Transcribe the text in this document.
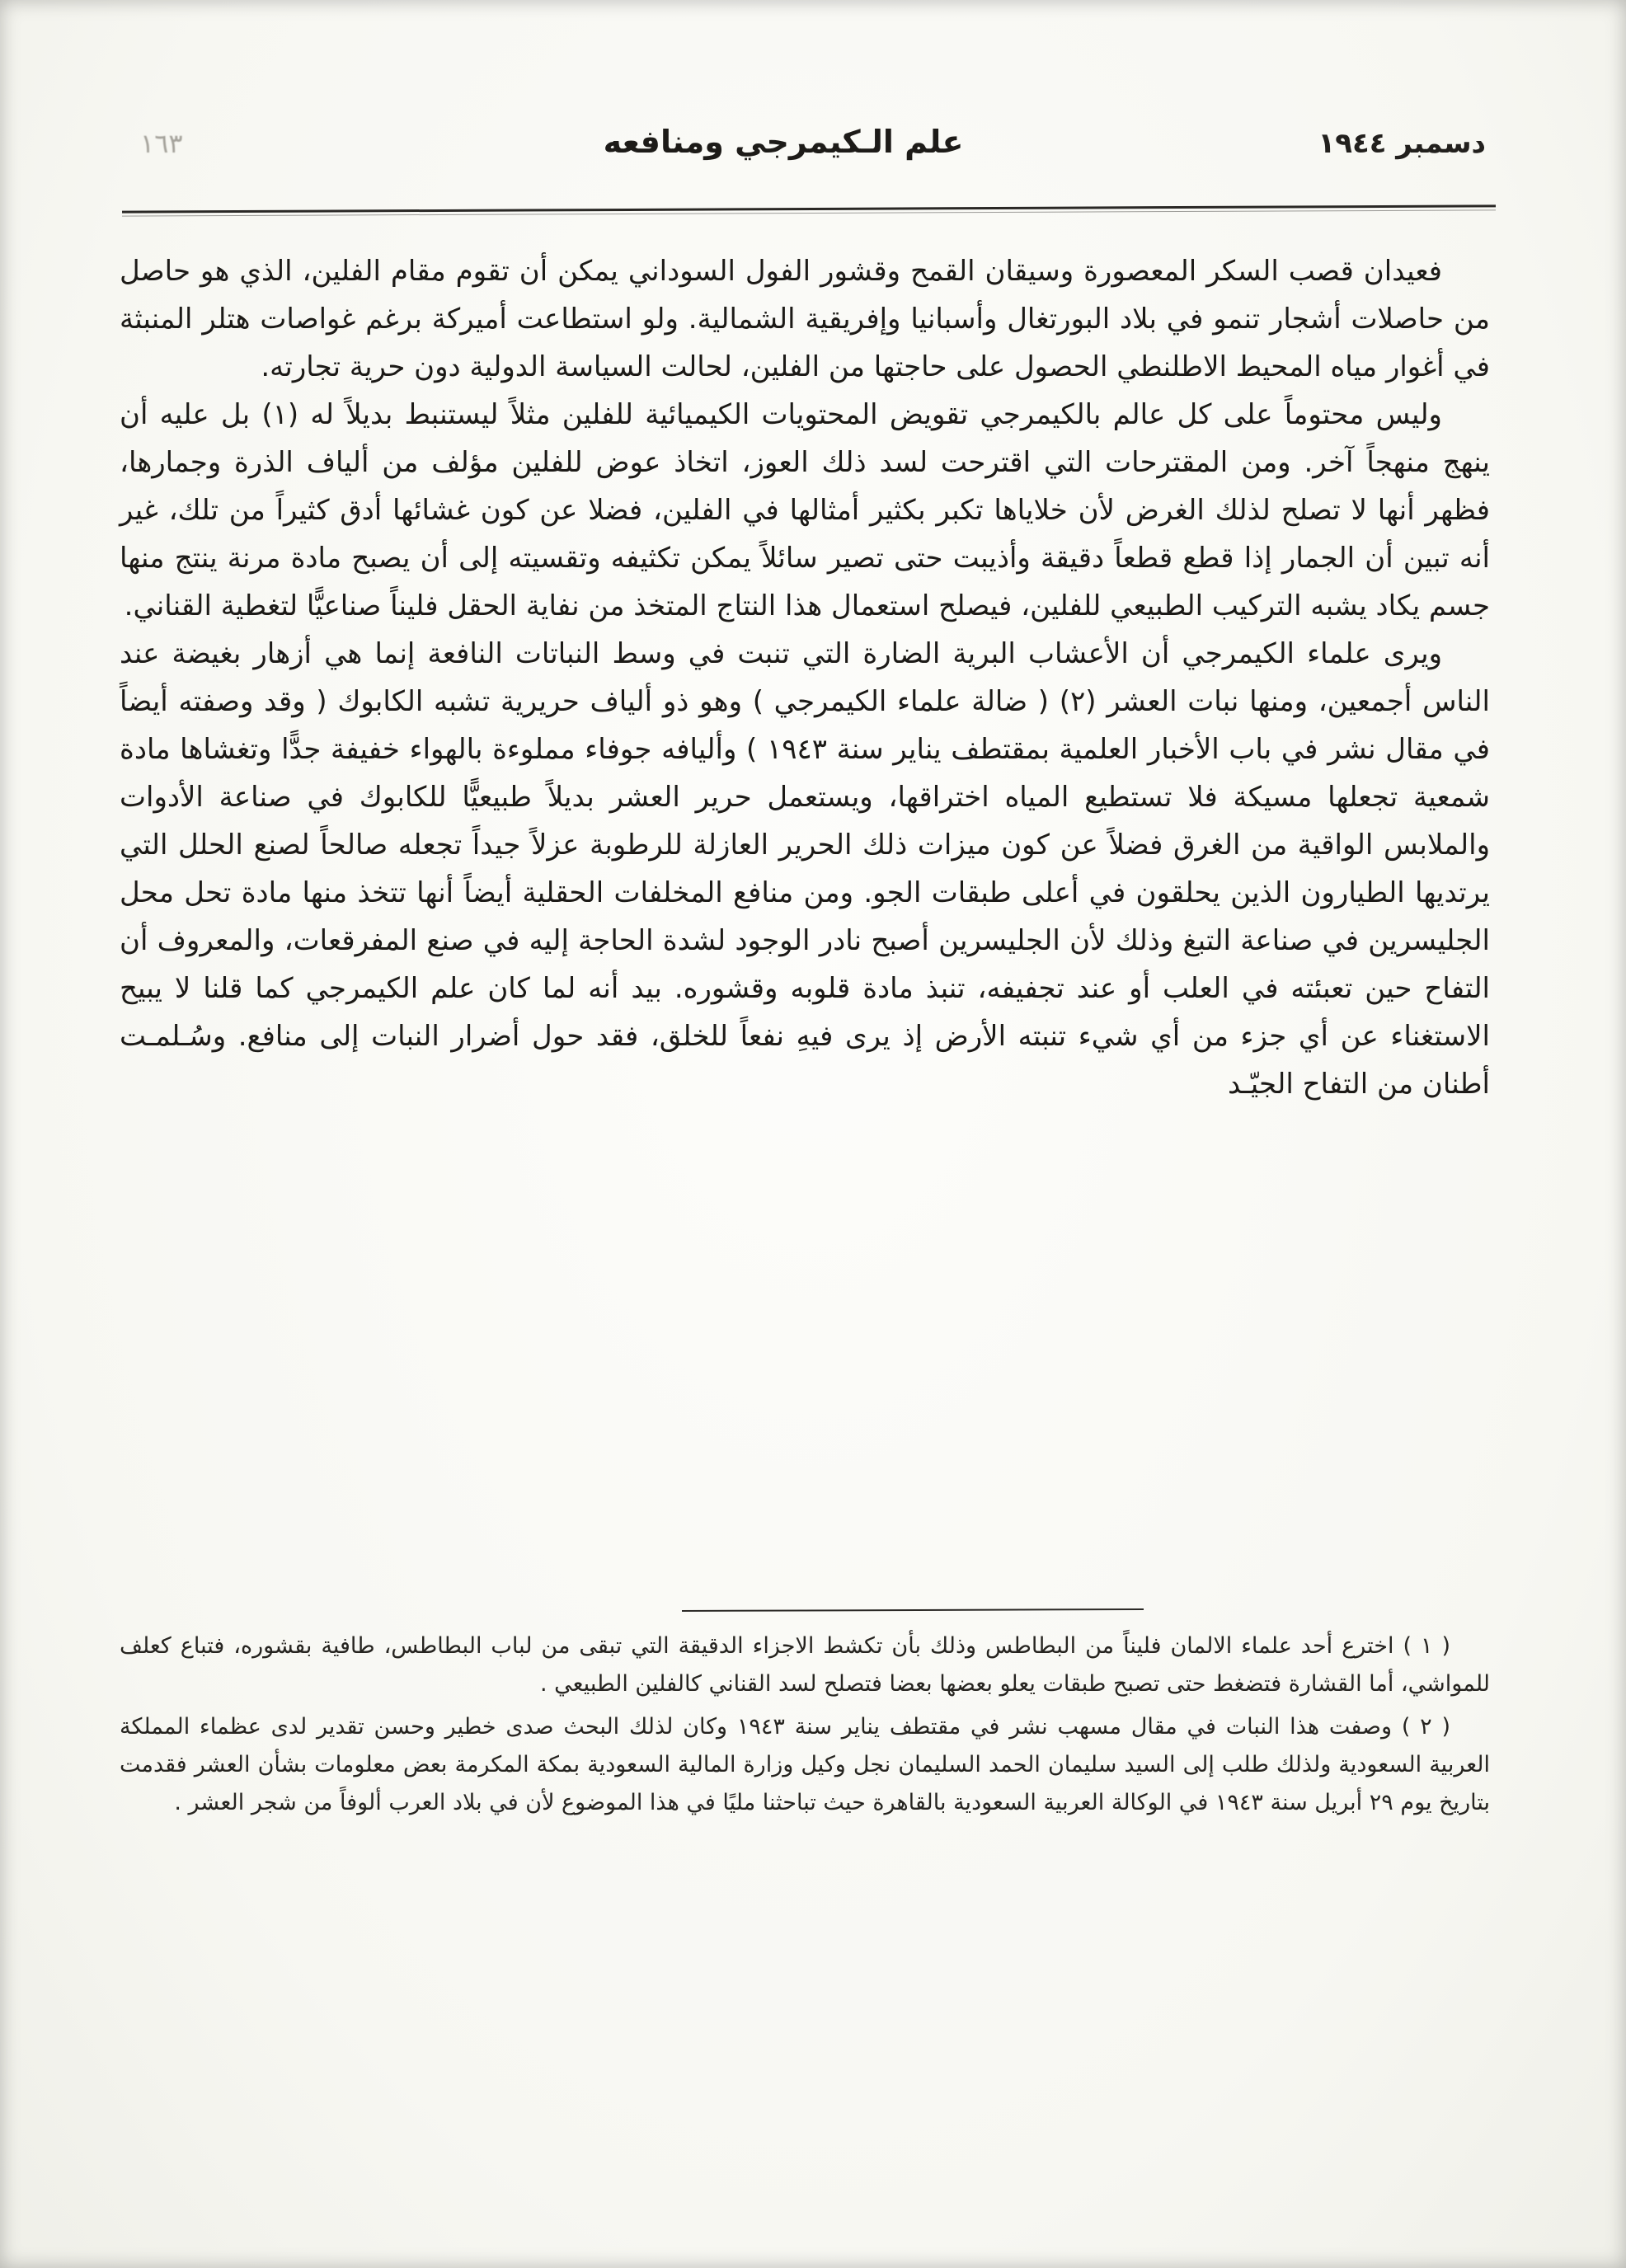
دسمبر ١٩٤٤
علم الـكيمرجي ومنافعه
١٦٣

فعيدان قصب السكر المعصورة وسيقان القمح وقشور الفول السوداني يمكن أن تقوم مقام الفلين، الذي هو حاصل من حاصلات أشجار تنمو في بلاد البورتغال وأسبانيا وإفريقية الشمالية. ولو استطاعت أميركة برغم غواصات هتلر المنبثة في أغوار مياه المحيط الاطلنطي الحصول على حاجتها من الفلين، لحالت السياسة الدولية دون حرية تجارته.

وليس محتوماً على كل عالم بالكيمرجي تقويض المحتويات الكيميائية للفلين مثلاً ليستنبط بديلاً له (١) بل عليه أن ينهج منهجاً آخر. ومن المقترحات التي اقترحت لسد ذلك العوز، اتخاذ عوض للفلين مؤلف من ألياف الذرة وجمارها، فظهر أنها لا تصلح لذلك الغرض لأن خلاياها تكبر بكثير أمثالها في الفلين، فضلا عن كون غشائها أدق كثيراً من تلك، غير أنه تبين أن الجمار إذا قطع قطعاً دقيقة وأذيبت حتى تصير سائلاً يمكن تكثيفه وتقسيته إلى أن يصبح مادة مرنة ينتج منها جسم يكاد يشبه التركيب الطبيعي للفلين، فيصلح استعمال هذا النتاج المتخذ من نفاية الحقل فليناً صناعيًّا لتغطية القناني.

ويرى علماء الكيمرجي أن الأعشاب البرية الضارة التي تنبت في وسط النباتات النافعة إنما هي أزهار بغيضة عند الناس أجمعين، ومنها نبات العشر (٢) ( ضالة علماء الكيمرجي ) وهو ذو ألياف حريرية تشبه الكابوك ( وقد وصفته أيضاً في مقال نشر في باب الأخبار العلمية بمقتطف يناير سنة ١٩٤٣ ) وأليافه جوفاء مملوءة بالهواء خفيفة جدًّا وتغشاها مادة شمعية تجعلها مسيكة فلا تستطيع المياه اختراقها، ويستعمل حرير العشر بديلاً طبيعيًّا للكابوك في صناعة الأدوات والملابس الواقية من الغرق فضلاً عن كون ميزات ذلك الحرير العازلة للرطوبة عزلاً جيداً تجعله صالحاً لصنع الحلل التي يرتديها الطيارون الذين يحلقون في أعلى طبقات الجو. ومن منافع المخلفات الحقلية أيضاً أنها تتخذ منها مادة تحل محل الجليسرين في صناعة التبغ وذلك لأن الجليسرين أصبح نادر الوجود لشدة الحاجة إليه في صنع المفرقعات، والمعروف أن التفاح حين تعبئته في العلب أو عند تجفيفه، تنبذ مادة قلوبه وقشوره. بيد أنه لما كان علم الكيمرجي كما قلنا لا يبيح الاستغناء عن أي جزء من أي شيء تنبته الأرض إذ يرى فيهِ نفعاً للخلق، فقد حول أضرار النبات إلى منافع. وسُـلمـت أطنان من التفاح الجيّـد

( ١ ) اخترع أحد علماء الالمان فليناً من البطاطس وذلك بأن تكشط الاجزاء الدقيقة التي تبقى من لباب البطاطس، طافية بقشوره، فتباع كعلف للمواشي، أما القشارة فتضغط حتى تصبح طبقات يعلو بعضها بعضا فتصلح لسد القناني كالفلين الطبيعي .

( ٢ ) وصفت هذا النبات في مقال مسهب نشر في مقتطف يناير سنة ١٩٤٣ وكان لذلك البحث صدى خطير وحسن تقدير لدى عظماء المملكة العربية السعودية ولذلك طلب إلى السيد سليمان الحمد السليمان نجل وكيل وزارة المالية السعودية بمكة المكرمة بعض معلومات بشأن العشر فقدمت بتاريخ يوم ٢٩ أبريل سنة ١٩٤٣ في الوكالة العربية السعودية بالقاهرة حيث تباحثنا مليًا في هذا الموضوع لأن في بلاد العرب ألوفاً من شجر العشر .
